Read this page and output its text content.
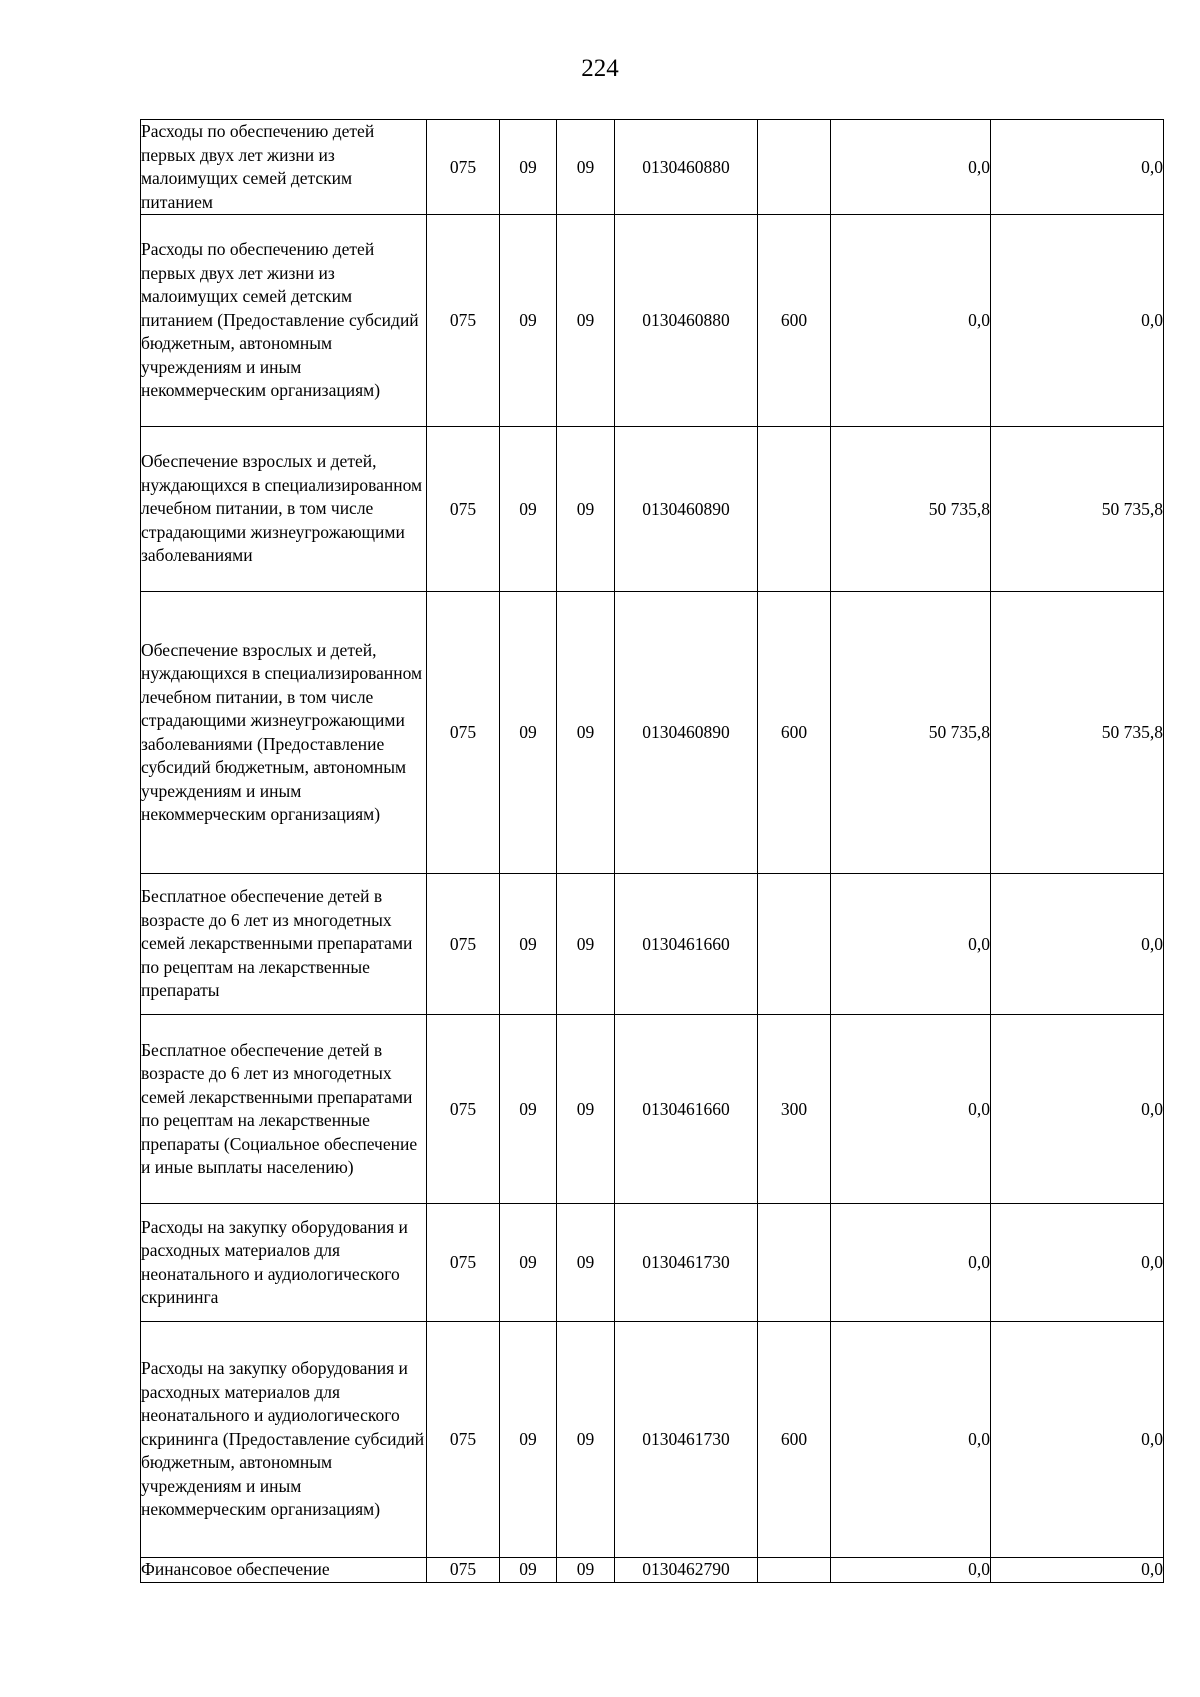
224
Расходы по обеспечению детей первых двух лет жизни из малоимущих семей детским питанием	075	09	09	0130460880		0,0	0,0
Расходы по обеспечению детей первых двух лет жизни из малоимущих семей детским питанием (Предоставление субсидий бюджетным, автономным учреждениям и иным некоммерческим организациям)	075	09	09	0130460880	600	0,0	0,0
Обеспечение взрослых и детей, нуждающихся в специализированном лечебном питании, в том числе страдающими жизнеугрожающими заболеваниями	075	09	09	0130460890		50 735,8	50 735,8
Обеспечение взрослых и детей, нуждающихся в специализированном лечебном питании, в том числе страдающими жизнеугрожающими заболеваниями (Предоставление субсидий бюджетным, автономным учреждениям и иным некоммерческим организациям)	075	09	09	0130460890	600	50 735,8	50 735,8
Бесплатное обеспечение детей в возрасте до 6 лет из многодетных семей лекарственными препаратами по рецептам на лекарственные препараты	075	09	09	0130461660		0,0	0,0
Бесплатное обеспечение детей в возрасте до 6 лет из многодетных семей лекарственными препаратами по рецептам на лекарственные препараты (Социальное обеспечение и иные выплаты населению)	075	09	09	0130461660	300	0,0	0,0
Расходы на закупку оборудования и расходных материалов для неонатального и аудиологического скрининга	075	09	09	0130461730		0,0	0,0
Расходы на закупку оборудования и расходных материалов для неонатального и аудиологического скрининга (Предоставление субсидий бюджетным, автономным учреждениям и иным некоммерческим организациям)	075	09	09	0130461730	600	0,0	0,0
Финансовое обеспечение	075	09	09	0130462790		0,0	0,0
